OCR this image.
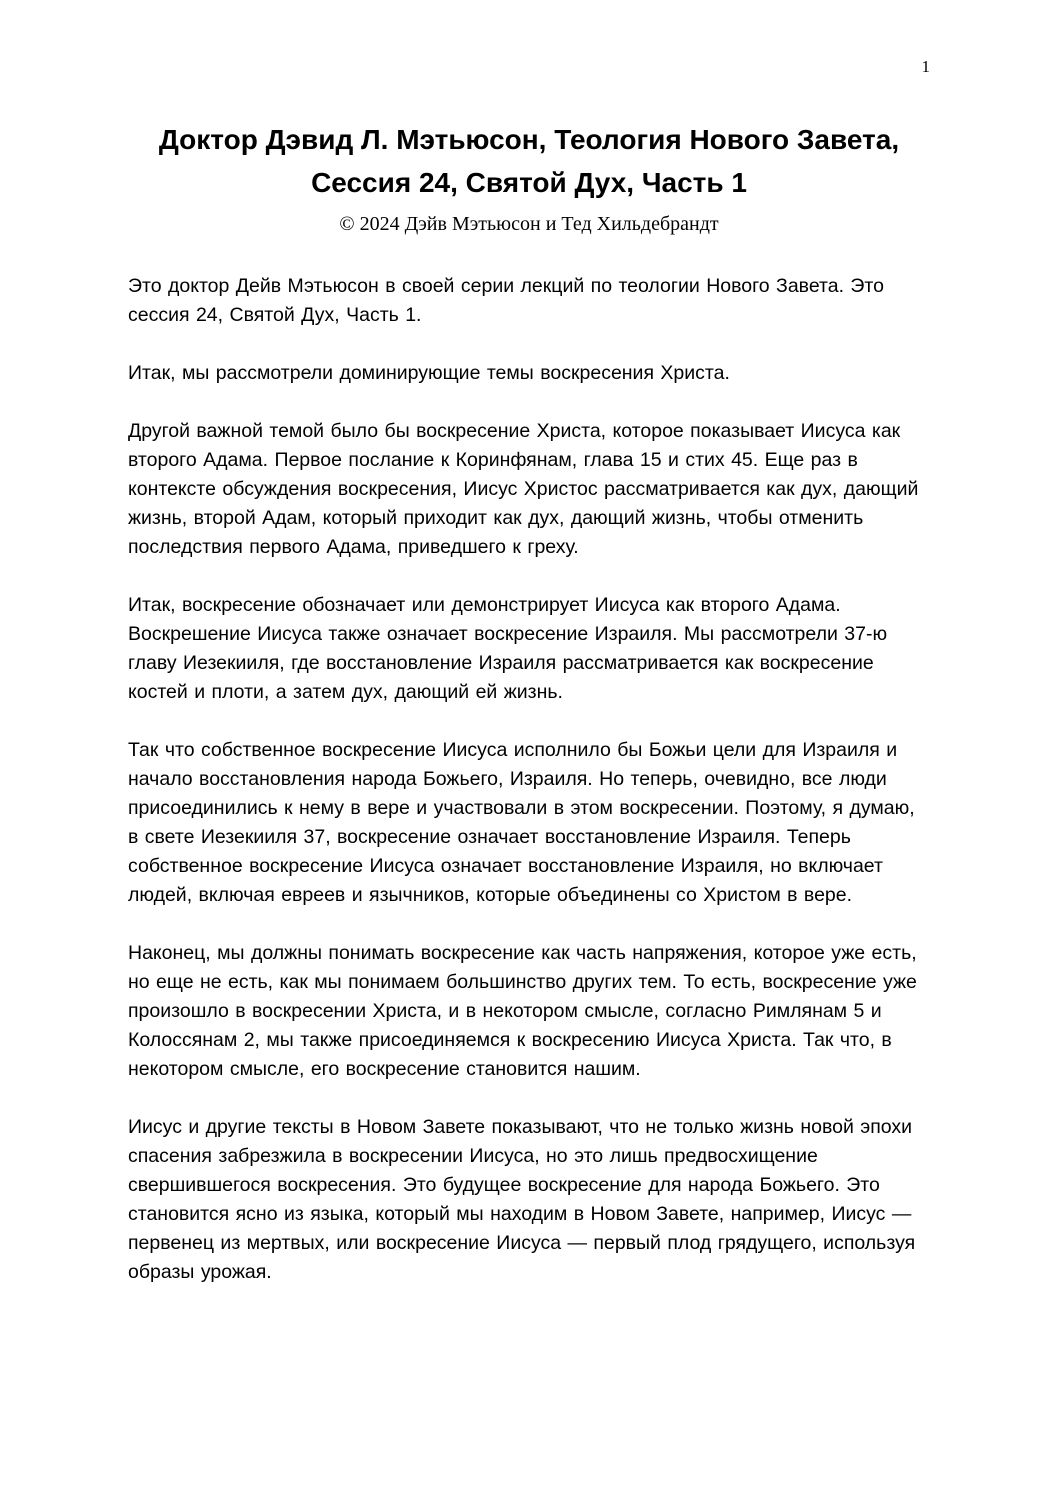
1
Доктор Дэвид Л. Мэтьюсон, Теология Нового Завета,
Сессия 24, Святой Дух, Часть 1
© 2024 Дэйв Мэтьюсон и Тед Хильдебрандт

Это доктор Дейв Мэтьюсон в своей серии лекций по теологии Нового Завета. Это сессия 24, Святой Дух, Часть 1.

Итак, мы рассмотрели доминирующие темы воскресения Христа.

Другой важной темой было бы воскресение Христа, которое показывает Иисуса как второго Адама. Первое послание к Коринфянам, глава 15 и стих 45. Еще раз в контексте обсуждения воскресения, Иисус Христос рассматривается как дух, дающий жизнь, второй Адам, который приходит как дух, дающий жизнь, чтобы отменить последствия первого Адама, приведшего к греху.

Итак, воскресение обозначает или демонстрирует Иисуса как второго Адама. Воскрешение Иисуса также означает воскресение Израиля. Мы рассмотрели 37-ю главу Иезекииля, где восстановление Израиля рассматривается как воскресение костей и плоти, а затем дух, дающий ей жизнь.

Так что собственное воскресение Иисуса исполнило бы Божьи цели для Израиля и начало восстановления народа Божьего, Израиля. Но теперь, очевидно, все люди присоединились к нему в вере и участвовали в этом воскресении. Поэтому, я думаю, в свете Иезекииля 37, воскресение означает восстановление Израиля. Теперь собственное воскресение Иисуса означает восстановление Израиля, но включает людей, включая евреев и язычников, которые объединены со Христом в вере.

Наконец, мы должны понимать воскресение как часть напряжения, которое уже есть, но еще не есть, как мы понимаем большинство других тем. То есть, воскресение уже произошло в воскресении Христа, и в некотором смысле, согласно Римлянам 5 и Колоссянам 2, мы также присоединяемся к воскресению Иисуса Христа. Так что, в некотором смысле, его воскресение становится нашим.

Иисус и другие тексты в Новом Завете показывают, что не только жизнь новой эпохи спасения забрезжила в воскресении Иисуса, но это лишь предвосхищение свершившегося воскресения. Это будущее воскресение для народа Божьего. Это становится ясно из языка, который мы находим в Новом Завете, например, Иисус — первенец из мертвых, или воскресение Иисуса — первый плод грядущего, используя образы урожая.
